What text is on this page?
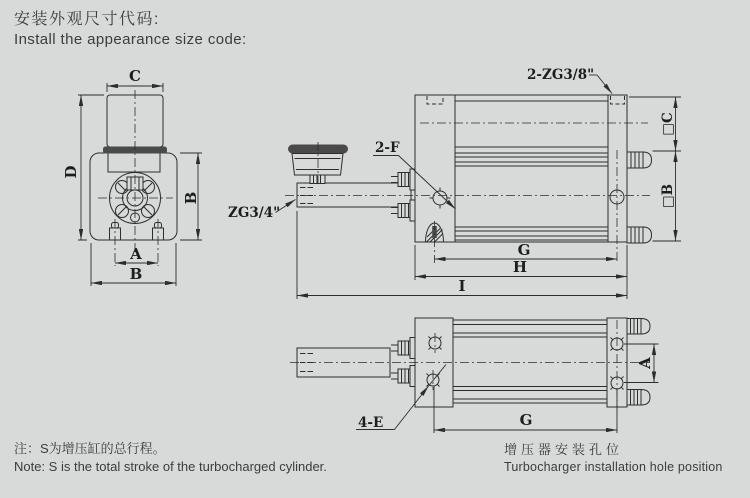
安装外观尺寸代码:
Install the appearance size code:
C
D
B
A
B
□C
□B
G
H
I
2-F
ZG3/4"
2-ZG3/8"
A
G
4-E
注：S为增压缸的总行程。
Note: S is the total stroke of the turbocharged cylinder.
增压器安装孔位
Turbocharger installation hole position
